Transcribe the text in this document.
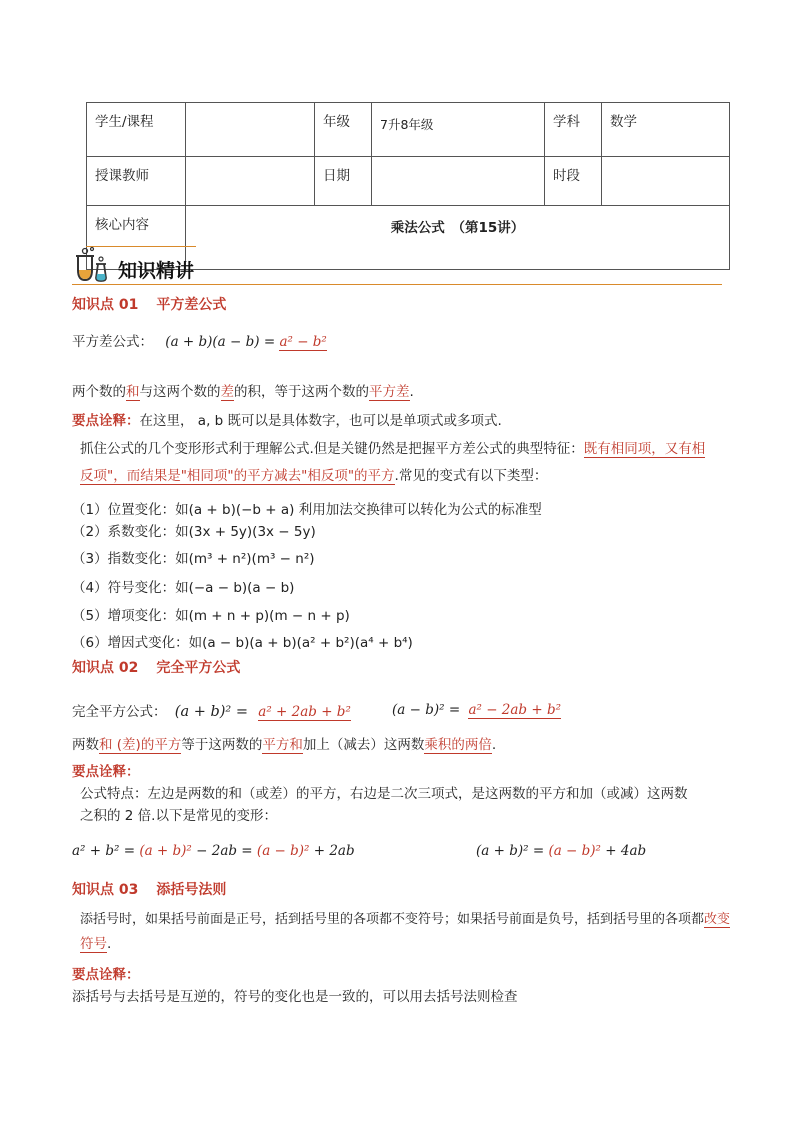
学生/课程		年级	7升8年级	学科	数学
授课教师		日期		时段	
核心内容	乘法公式　（第15讲）				
知识精讲
知识点 01 平方差公式
平方差公式： (a + b)(a − b) = a² − b²
两个数的和与这两个数的差的积，等于这两个数的平方差.
要点诠释：在这里， a, b 既可以是具体数字，也可以是单项式或多项式.
抓住公式的几个变形形式利于理解公式.但是关键仍然是把握平方差公式的典型特征：既有相同项，又有相
反项"，而结果是"相同项"的平方减去"相反项"的平方.常见的变式有以下类型：
（1）位置变化：如(a + b)(−b + a) 利用加法交换律可以转化为公式的标准型
（2）系数变化：如(3x + 5y)(3x − 5y)
（3）指数变化：如(m³ + n²)(m³ − n²)
（4）符号变化：如(−a − b)(a − b)
（5）增项变化：如(m + n + p)(m − n + p)
（6）增因式变化：如(a − b)(a + b)(a² + b²)(a⁴ + b⁴)
知识点 02 完全平方公式
完全平方公式： (a + b)² = a² + 2ab + b²	(a − b)² = a² − 2ab + b²
两数和 (差)的平方等于这两数的平方和加上（减去）这两数乘积的两倍.
要点诠释：
公式特点：左边是两数的和（或差）的平方，右边是二次三项式，是这两数的平方和加（或减）这两数
之积的 2 倍.以下是常见的变形：
a² + b² = (a + b)² − 2ab = (a − b)² + 2ab	(a + b)² = (a − b)² + 4ab
知识点 03 添括号法则
添括号时，如果括号前面是正号，括到括号里的各项都不变符号；如果括号前面是负号，括到括号里的各项都改变
符号.
要点诠释：
添括号与去括号是互逆的，符号的变化也是一致的，可以用去括号法则检查
